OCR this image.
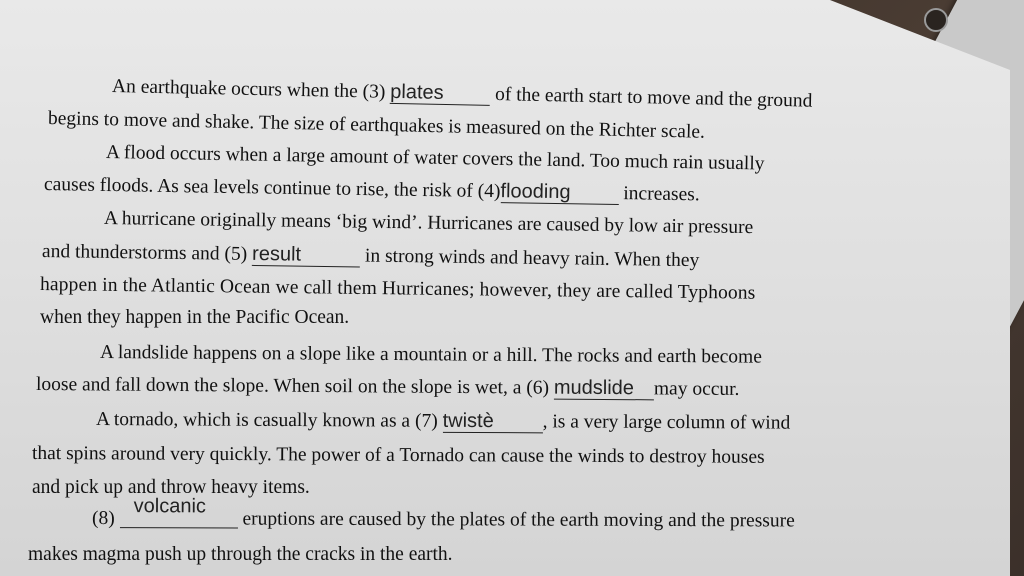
An earthquake occurs when the (3) plates	of the earth start to move and the ground
begins to move and shake. The size of earthquakes is measured on the Richter scale.
A flood occurs when a large amount of water covers the land. Too much rain usually
causes floods. As sea levels continue to rise, the risk of (4)flooding	increases.
A hurricane originally means ‘big wind’. Hurricanes are caused by low air pressure
and thunderstorms and (5) result	in strong winds and heavy rain. When they
happen in the Atlantic Ocean we call them Hurricanes; however, they are called Typhoons
when they happen in the Pacific Ocean.
A landslide happens on a slope like a mountain or a hill. The rocks and earth become
loose and fall down the slope. When soil on the slope is wet, a (6) mudslide may occur.
A tornado, which is casually known as a (7) twistè	, is a very large column of wind
that spins around very quickly. The power of a Tornado can cause the winds to destroy houses
and pick up and throw heavy items.
(8) volcanic eruptions are caused by the plates of the earth moving and the pressure
makes magma push up through the cracks in the earth.
